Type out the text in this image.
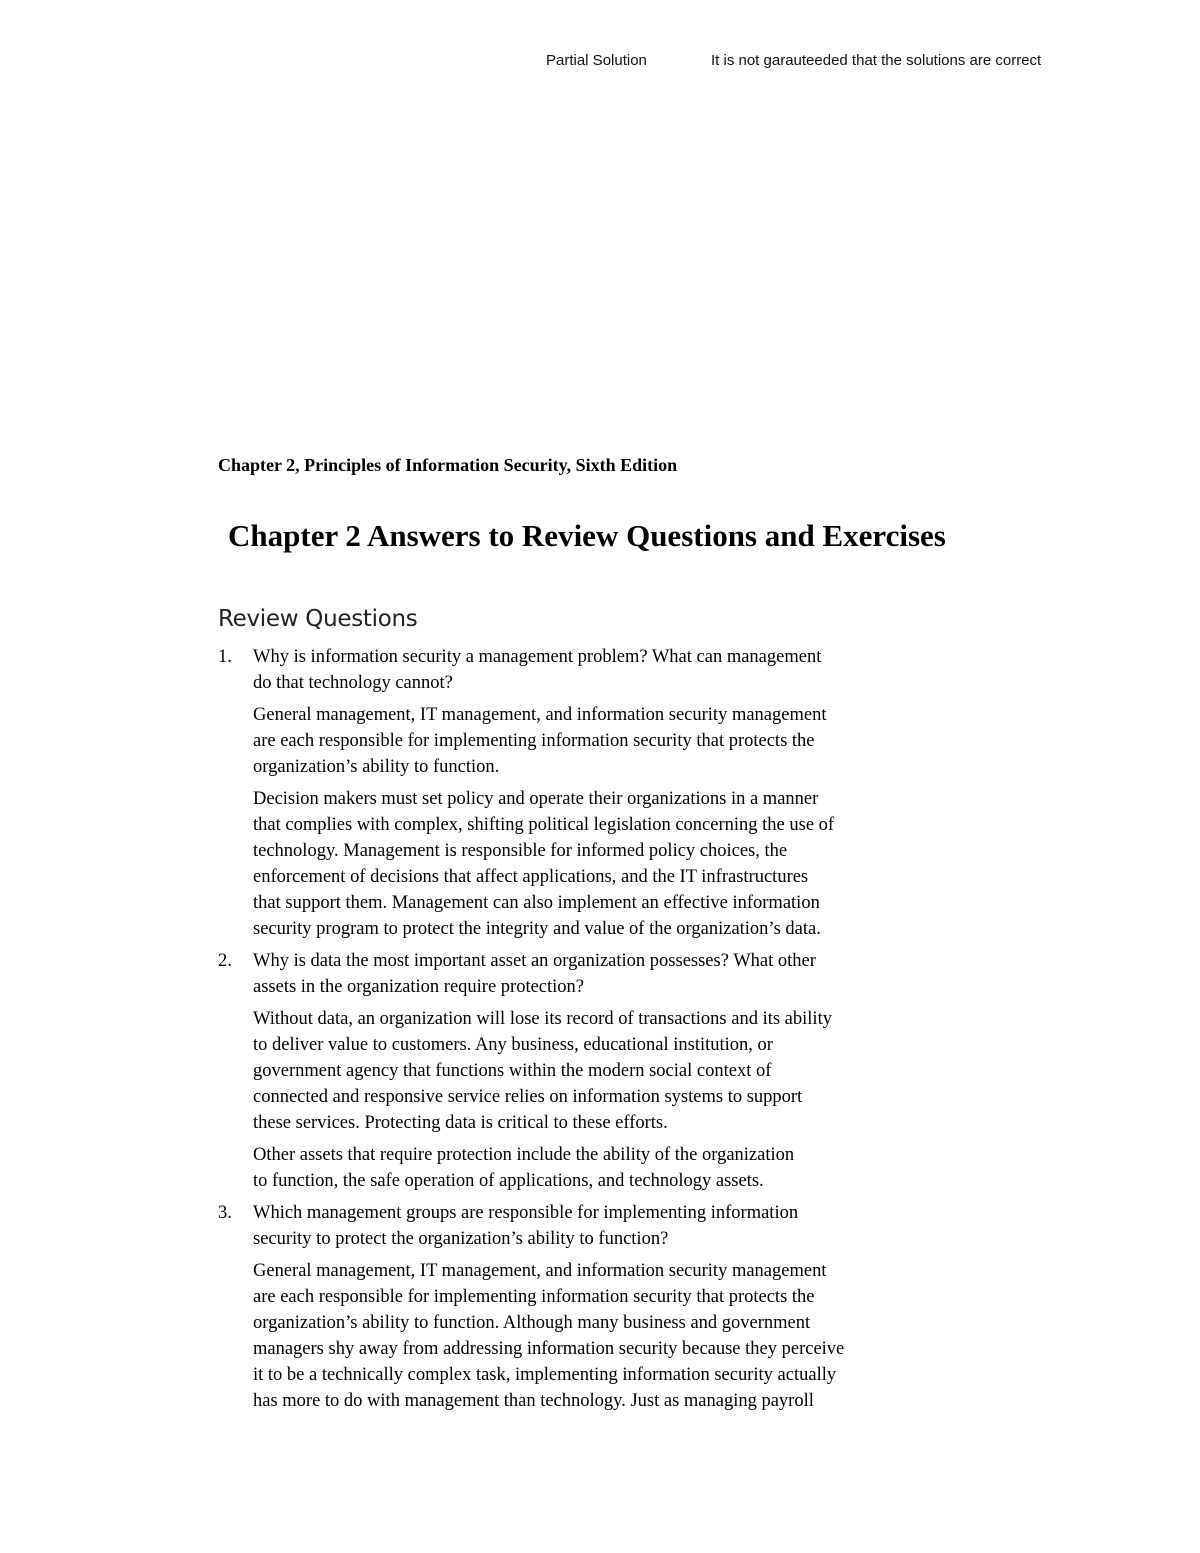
Partial Solution	It is not garauteeded that the solutions are correct
Chapter 2, Principles of Information Security, Sixth Edition
Chapter 2 Answers to Review Questions and Exercises
Review Questions
1. Why is information security a management problem? What can management
do that technology cannot?

General management, IT management, and information security management
are each responsible for implementing information security that protects the
organization’s ability to function.

Decision makers must set policy and operate their organizations in a manner
that complies with complex, shifting political legislation concerning the use of
technology. Management is responsible for informed policy choices, the
enforcement of decisions that affect applications, and the IT infrastructures
that support them. Management can also implement an effective information
security program to protect the integrity and value of the organization’s data.

2. Why is data the most important asset an organization possesses? What other
assets in the organization require protection?

Without data, an organization will lose its record of transactions and its ability
to deliver value to customers. Any business, educational institution, or
government agency that functions within the modern social context of
connected and responsive service relies on information systems to support
these services. Protecting data is critical to these efforts.

Other assets that require protection include the ability of the organization
to function, the safe operation of applications, and technology assets.

3. Which management groups are responsible for implementing information
security to protect the organization’s ability to function?

General management, IT management, and information security management
are each responsible for implementing information security that protects the
organization’s ability to function. Although many business and government
managers shy away from addressing information security because they perceive
it to be a technically complex task, implementing information security actually
has more to do with management than technology. Just as managing payroll
